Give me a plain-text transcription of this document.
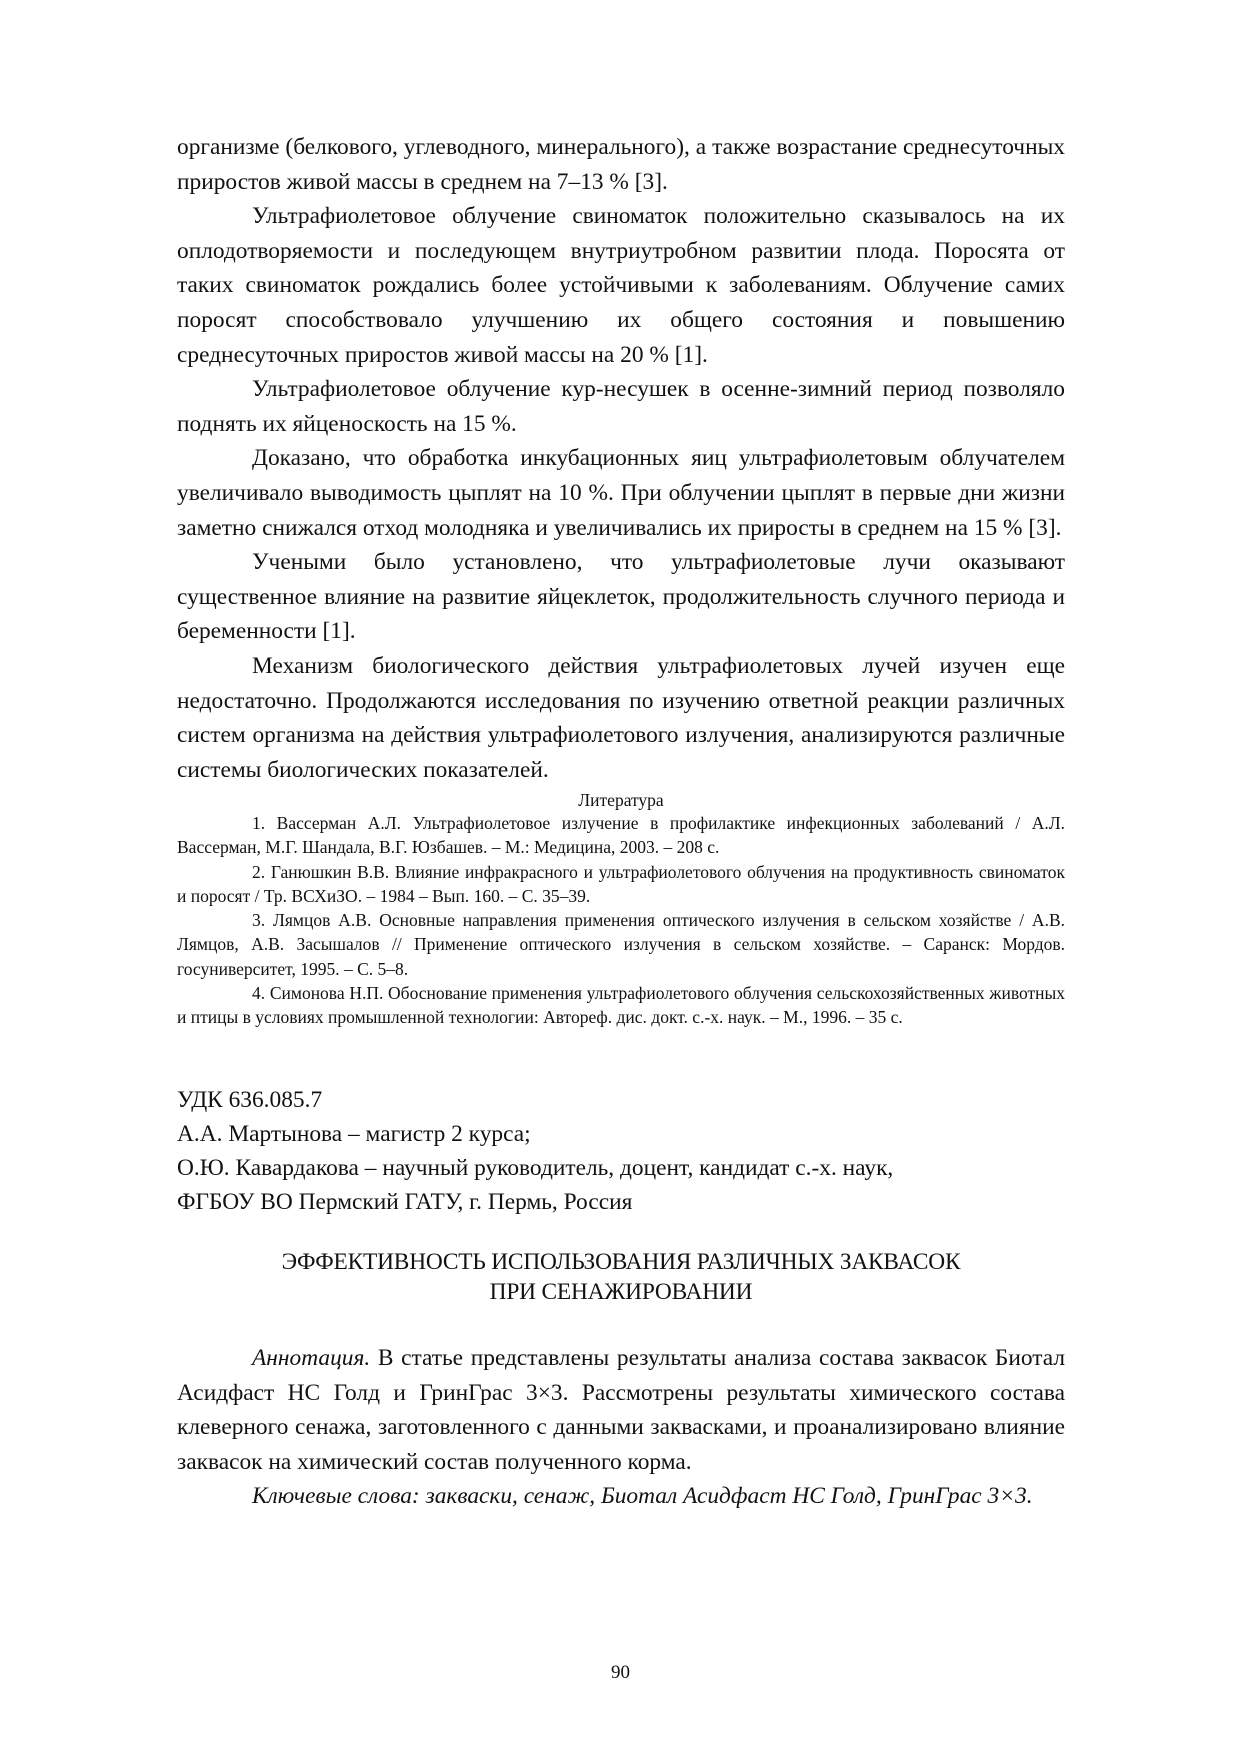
организме (белкового, углеводного, минерального), а также возрастание среднесуточных приростов живой массы в среднем на 7–13 % [3].

Ультрафиолетовое облучение свиноматок положительно сказывалось на их оплодотворяемости и последующем внутриутробном развитии плода. Поросята от таких свиноматок рождались более устойчивыми к заболеваниям. Облучение самих поросят способствовало улучшению их общего состояния и повышению среднесуточных приростов живой массы на 20 % [1].

Ультрафиолетовое облучение кур-несушек в осенне-зимний период позволяло поднять их яйценоскость на 15 %.

Доказано, что обработка инкубационных яиц ультрафиолетовым облучателем увеличивало выводимость цыплят на 10 %. При облучении цыплят в первые дни жизни заметно снижался отход молодняка и увеличивались их приросты в среднем на 15 % [3].

Учеными было установлено, что ультрафиолетовые лучи оказывают существенное влияние на развитие яйцеклеток, продолжительность случного периода и беременности [1].

Механизм биологического действия ультрафиолетовых лучей изучен еще недостаточно. Продолжаются исследования по изучению ответной реакции различных систем организма на действия ультрафиолетового излучения, анализируются различные системы биологических показателей.

Литература

1. Вассерман А.Л. Ультрафиолетовое излучение в профилактике инфекционных заболеваний / А.Л. Вассерман, М.Г. Шандала, В.Г. Юзбашев. – М.: Медицина, 2003. – 208 с.

2. Ганюшкин В.В. Влияние инфракрасного и ультрафиолетового облучения на продуктивность свиноматок и поросят / Тр. ВСХиЗО. – 1984 – Вып. 160. – С. 35–39.

3. Лямцов А.В. Основные направления применения оптического излучения в сельском хозяйстве / А.В. Лямцов, А.В. Засышалов // Применение оптического излучения в сельском хозяйстве. – Саранск: Мордов. госуниверситет, 1995. – С. 5–8.

4. Симонова Н.П. Обоснование применения ультрафиолетового облучения сельскохозяйственных животных и птицы в условиях промышленной технологии: Автореф. дис. докт. с.-х. наук. – М., 1996. – 35 с.

УДК 636.085.7

А.А. Мартынова – магистр 2 курса;

О.Ю. Кавардакова – научный руководитель, доцент, кандидат с.-х. наук,

ФГБОУ ВО Пермский ГАТУ, г. Пермь, Россия

ЭФФЕКТИВНОСТЬ ИСПОЛЬЗОВАНИЯ РАЗЛИЧНЫХ ЗАКВАСОК
ПРИ СЕНАЖИРОВАНИИ

Аннотация. В статье представлены результаты анализа состава заквасок Биотал Асидфаст НС Голд и ГринГрас 3×3. Рассмотрены результаты химического состава клеверного сенажа, заготовленного с данными заквасками, и проанализировано влияние заквасок на химический состав полученного корма.

Ключевые слова: закваски, сенаж, Биотал Асидфаст НС Голд, ГринГрас 3×3.

90
